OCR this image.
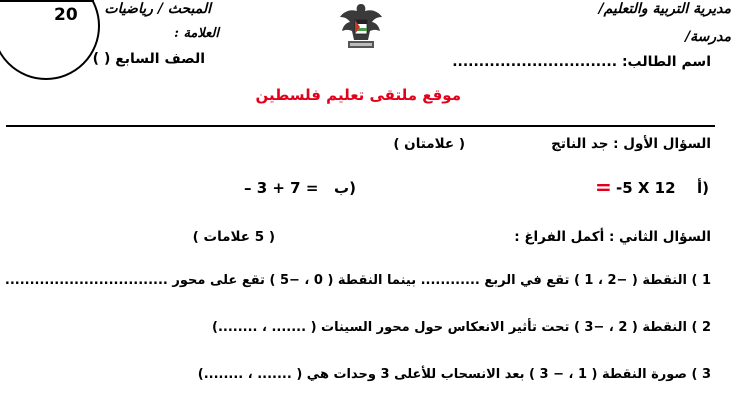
20 المبحث / رياضيات
العلامة :
الصف السابع ( )
مديرية التربية والتعليم/
مدرسة/
اسم الطالب: ...............................
موقع ملتقى تعليم فلسطين
السؤال الأول : جد الناتج
( علامتان )
أ)
-5 X 12
=
ب)
– 3 + 7 =
السؤال الثاني : أكمل الفراغ :
( 5 علامات )
1 ) النقطة ( −2 ، 1 ) تقع في الربع ............ بينما النقطة ( 0 ، −5 ) تقع على محور .................................
2 ) النقطة ( 2 ، −3 ) تحت تأثير الانعكاس حول محور السينات ( ....... ، ........)
3 ) صورة النقطة ( 1 ، − 3 ) بعد الانسحاب للأعلى 3 وحدات هي ( ....... ، ........)
